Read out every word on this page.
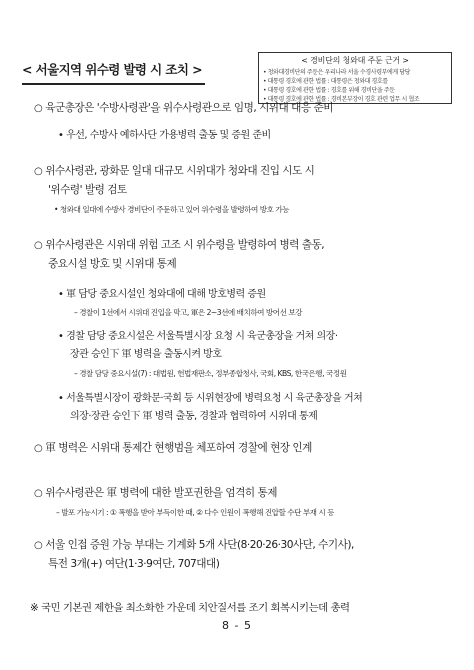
< 서울지역 위수령 발령 시 조치 >
< 경비단의 청와대 주둔 근거 >
• 청와대경비단의 주둔은 우리나라 서울 수경사령부에게 담당
• 대통령 경호에 관한 법률 : 대통령은 청와대 경호를
• 대통령 경호에 관한 법률 : 경호를 위해 경비단을 주둔
• 대통령 경호에 관한 법률 : 경비본부장이 경호 관련 업무 시 협조
○ 육군총장은 '수방사령관'을 위수사령관으로 임명, 시위대 대응 준비
• 우선, 수방사 예하사단 가용병력 출동 및 증원 준비
○ 위수사령관, 광화문 일대 대규모 시위대가 청와대 진입 시도 시
'위수령' 발령 검토
• 청와대 일대에 수방사 경비단이 주둔하고 있어 위수령을 발령하여 방호 가능
○ 위수사령관은 시위대 위험 고조 시 위수령을 발령하여 병력 출동,
중요시설 방호 및 시위대 통제
• 軍 담당 중요시설인 청와대에 대해 방호병력 증원
– 경찰이 1선에서 시위대 진입을 막고, 軍은 2~3선에 배치하여 방어선 보강
• 경찰 담당 중요시설은 서울특별시장 요청 시 육군총장을 거쳐 의장·
장관 승인下 軍 병력을 출동시켜 방호
– 경찰 담당 중요시설(7) : 대법원, 헌법재판소, 정부종합청사, 국회, KBS, 한국은행, 국정원
• 서울특별시장이 광화문·국회 등 시위현장에 병력요청 시 육군총장을 거쳐
의장·장관 승인下 軍 병력 출동, 경찰과 협력하여 시위대 통제
○ 軍 병력은 시위대 통제간 현행범을 체포하여 경찰에 현장 인계
○ 위수사령관은 軍 병력에 대한 발포권한을 엄격히 통제
– 발포 가능시기 : ① 폭행을 받아 부득이한 때, ② 다수 인원이 폭행해 진압할 수단 부재 시 등
○ 서울 인접 증원 가능 부대는 기계화 5개 사단(8·20·26·30사단, 수기사),
특전 3개(+) 여단(1·3·9여단, 707대대)
※ 국민 기본권 제한을 최소화한 가운데 치안질서를 조기 회복시키는데 총력
8 - 5
